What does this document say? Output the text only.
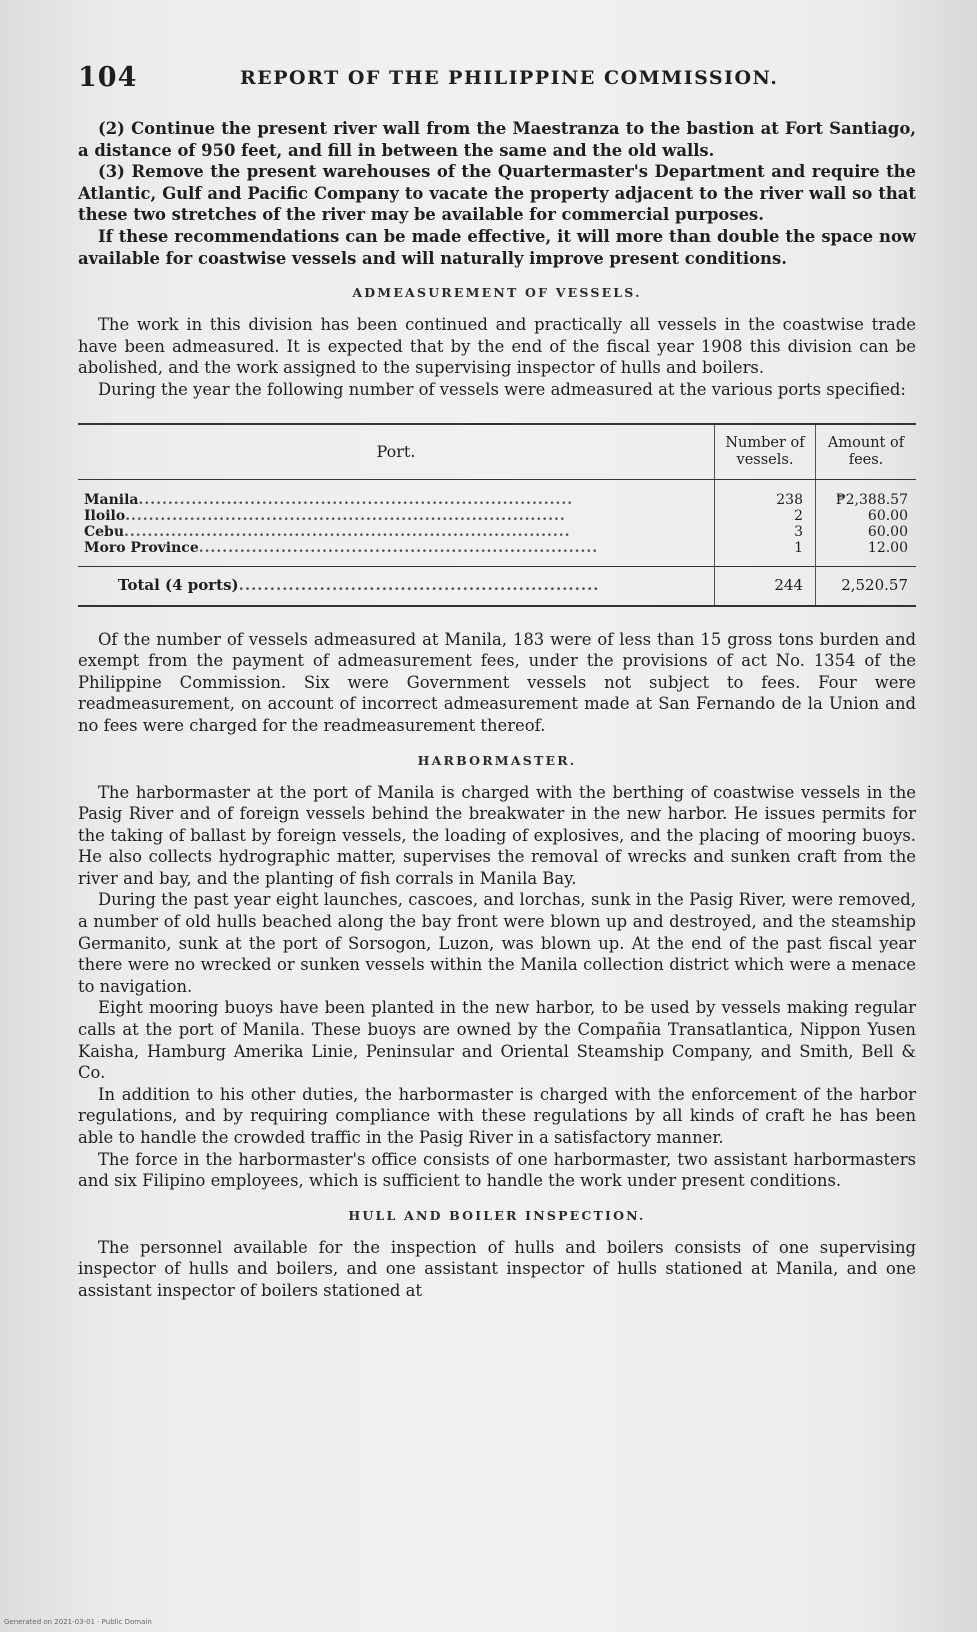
104	REPORT OF THE PHILIPPINE COMMISSION.

(2) Continue the present river wall from the Maestranza to the bastion at Fort Santiago, a distance of 950 feet, and fill in between the same and the old walls.

(3) Remove the present warehouses of the Quartermaster's Department and require the Atlantic, Gulf and Pacific Company to vacate the property adjacent to the river wall so that these two stretches of the river may be available for commercial purposes.

If these recommendations can be made effective, it will more than double the space now available for coastwise vessels and will naturally improve present conditions.

ADMEASUREMENT OF VESSELS.

The work in this division has been continued and practically all vessels in the coastwise trade have been admeasured. It is expected that by the end of the fiscal year 1908 this division can be abolished, and the work assigned to the supervising inspector of hulls and boilers.

During the year the following number of vessels were admeasured at the various ports specified:

Port.	Number of vessels.	Amount of fees.
Manila..........................................................................	238	₱2,388.57
Iloilo...........................................................................	2	60.00
Cebu............................................................................	3	60.00
Moro Province....................................................................	1	12.00
Total (4 ports)..........................................................	244	2,520.57

Of the number of vessels admeasured at Manila, 183 were of less than 15 gross tons burden and exempt from the payment of admeasurement fees, under the provisions of act No. 1354 of the Philippine Commission. Six were Government vessels not subject to fees. Four were readmeasurement, on account of incorrect admeasurement made at San Fernando de la Union and no fees were charged for the readmeasurement thereof.

HARBORMASTER.

The harbormaster at the port of Manila is charged with the berthing of coastwise vessels in the Pasig River and of foreign vessels behind the breakwater in the new harbor. He issues permits for the taking of ballast by foreign vessels, the loading of explosives, and the placing of mooring buoys. He also collects hydrographic matter, supervises the removal of wrecks and sunken craft from the river and bay, and the planting of fish corrals in Manila Bay.

During the past year eight launches, cascoes, and lorchas, sunk in the Pasig River, were removed, a number of old hulls beached along the bay front were blown up and destroyed, and the steamship Germanito, sunk at the port of Sorsogon, Luzon, was blown up. At the end of the past fiscal year there were no wrecked or sunken vessels within the Manila collection district which were a menace to navigation.

Eight mooring buoys have been planted in the new harbor, to be used by vessels making regular calls at the port of Manila. These buoys are owned by the Compañia Transatlantica, Nippon Yusen Kaisha, Hamburg Amerika Linie, Peninsular and Oriental Steamship Company, and Smith, Bell & Co.

In addition to his other duties, the harbormaster is charged with the enforcement of the harbor regulations, and by requiring compliance with these regulations by all kinds of craft he has been able to handle the crowded traffic in the Pasig River in a satisfactory manner.

The force in the harbormaster's office consists of one harbormaster, two assistant harbormasters and six Filipino employees, which is sufficient to handle the work under present conditions.

HULL AND BOILER INSPECTION.

The personnel available for the inspection of hulls and boilers consists of one supervising inspector of hulls and boilers, and one assistant inspector of hulls stationed at Manila, and one assistant inspector of boilers stationed at

Generated on 2021-03-01 · Public Domain
